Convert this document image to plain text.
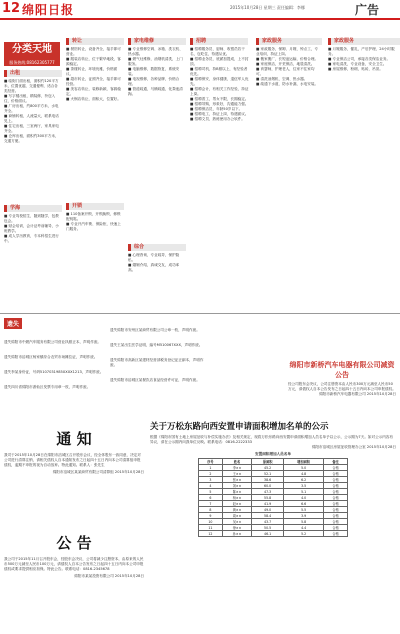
12 绵阳日报	2015年10月28日 星期三 责任编辑：李娜	广告
分类天地
服务热线:08162305777
出租
■ 临街门面出租，面积约120平方米，位置优越，交通便利，适合各类经营。
■ 写字楼出租，精装修，拎包入住，价格面议。
■ 厂房出租，约800平方米，水电齐全。
■ 商铺转租，人流量大，联系电话见上。
■ 住宅出租，三室两厅，家具家电齐全。
■ 仓库出租，面积约300平方米，交通方便。
学海
■ 专业驾校招生，随到随学，包教包会。
■ 财会培训，会计证考前辅导，小班教学。
■ 成人学历教育，专本科招生进行中。
转让
■ 餐馆转让，设备齐全，接手即可营业。
■ 服装店转让，位于繁华地段，客源稳定。
■ 茶楼转让，环境优雅，价格面议。
■ 超市转让，证照齐全，接手即可经营。
■ 美容店转让，装修新颖，客源稳定。
■ 火锅店转让，面积大，位置好。
开锁
■ 110备案开锁，开锁换锁，修锁配钥匙。
■ 专业开汽车锁、保险柜，快速上门服务。
家电维修
■ 专业维修空调、冰箱、洗衣机、热水器。
■ 燃气灶维修，油烟机清洗，上门服务。
■ 电脑维修，数据恢复，系统安装。
■ 电视维修，各种品牌，价格合理。
■ 管道疏通，马桶疏通，化粪池清掏。
综合
■ 心理咨询，专业疏导，保护隐私。
■ 婚姻介绍，真诚交友，成功率高。
招聘
■ 招聘服务员、厨师、收银员若干名，包吃住，待遇从优。
■ 招聘业务员，底薪加提成，上不封顶。
■ 招聘司机，持B照以上，有经验者优先。
■ 招聘保安，身体健康，退伍军人优先。
■ 招聘会计，有相关工作经验，持证上岗。
■ 招聘普工，男女不限，长期稳定。
■ 招聘导购，形象好，沟通能力强。
■ 招聘保洁员，年龄50岁以下。
■ 招聘电工，持证上岗，待遇面议。
■ 招聘文员，熟练使用办公软件。
家政服务
■ 家政服务，保姆、月嫂、钟点工，专业培训，持证上岗。
■ 搬家搬厂，长短途运输，价格合理。
■ 家庭保洁，开荒保洁，地毯清洗。
■ 育婴师，护理老人，住家不住家均可。
■ 清洗油烟机、空调、热水器。
■ 疏通下水道，防水补漏，水电安装。
家政服务
■ 月嫂服务，催乳，产后护理，24小时服务。
■ 专业保洁公司，承接各类保洁业务。
■ 家电清洗，专业设备，安全卫生。
■ 房屋维修，粉刷，贴砖，吊顶。
遗失

遗失绵阳市中燃汽车服务有限公司营业执照正本，声明作废。

遗失绵阳市涪城区杨家镇综合农贸市场摊位证，声明作废。

遗失李某身份证，号码5107031985XXXX1213，声明作废。

遗失四川省绵阳市游仙区发票专用章一枚，声明作废。

遗失绵阳市安州区某商贸有限公司公章一枚，声明作废。

遗失王某出生医学证明，编号M510067XXX，声明作废。

遗失绵阳市高新区某建材经营部税务登记证正副本，声明作废。

遗失绵阳市涪城区某餐饮店食品经营许可证，声明作废。

绵阳市新桥汽车电器有限公司减资公告
经公司股东会决议，公司注册资本由人民币300万元减至人民币50万元，请债权人自本公告发布之日起四十五日内向本公司申报债权。
绵阳市新桥汽车电器有限公司 2015年10月28日
通 知
我司于2015年10月28日在绵阳市涪城区召开股东会议，经全体股东一致同意，决定对公司进行清算注销，请相关债权人自本通知发布之日起四十五日内向本公司清算组申报债权，逾期不申报的视为自动放弃。特此通知。联系人：张先生
绵阳市涪城区某某商贸有限公司清算组 2015年10月28日
公 告
我公司于2015年11月召开股东会，经股东会决议，公司将减少注册资本，由原来的人民币500万元减至人民币100万元，请债权人自本公告发布之日起四十五日内向本公司申报债权或要求提供相应担保。特此公告。联系电话：0816-2345678
绵阳市某某投资有限公司 2015年10月28日
关于万松东路向西安置申请面积增加名单的公示
根据《绵阳市国有土地上房屋征收与补偿实施办法》及相关规定，现将万松东路向西安置申请面积增加人员名单予以公示，公示期为7天。如对公示内容有异议，请在公示期内向我单位反映。联系电话：0816-2222333
绵阳市涪城区房屋征收管理办公室 2015年10月28日
安置面积增加人员名单
序号	姓名	原面积	增加面积	备注
1	李××	45.2	5.0	合格
2	王××	52.1	4.8	合格
3	张××	38.6	6.2	合格
4	刘××	60.0	3.5	合格
5	陈××	47.3	5.1	合格
6	杨××	55.8	4.0	合格
7	赵××	41.9	6.6	合格
8	黄××	49.0	5.5	合格
9	周××	58.4	3.9	合格
10	吴××	43.7	5.8	合格
11	徐××	50.5	4.4	合格
12	孙××	46.1	5.2	合格
